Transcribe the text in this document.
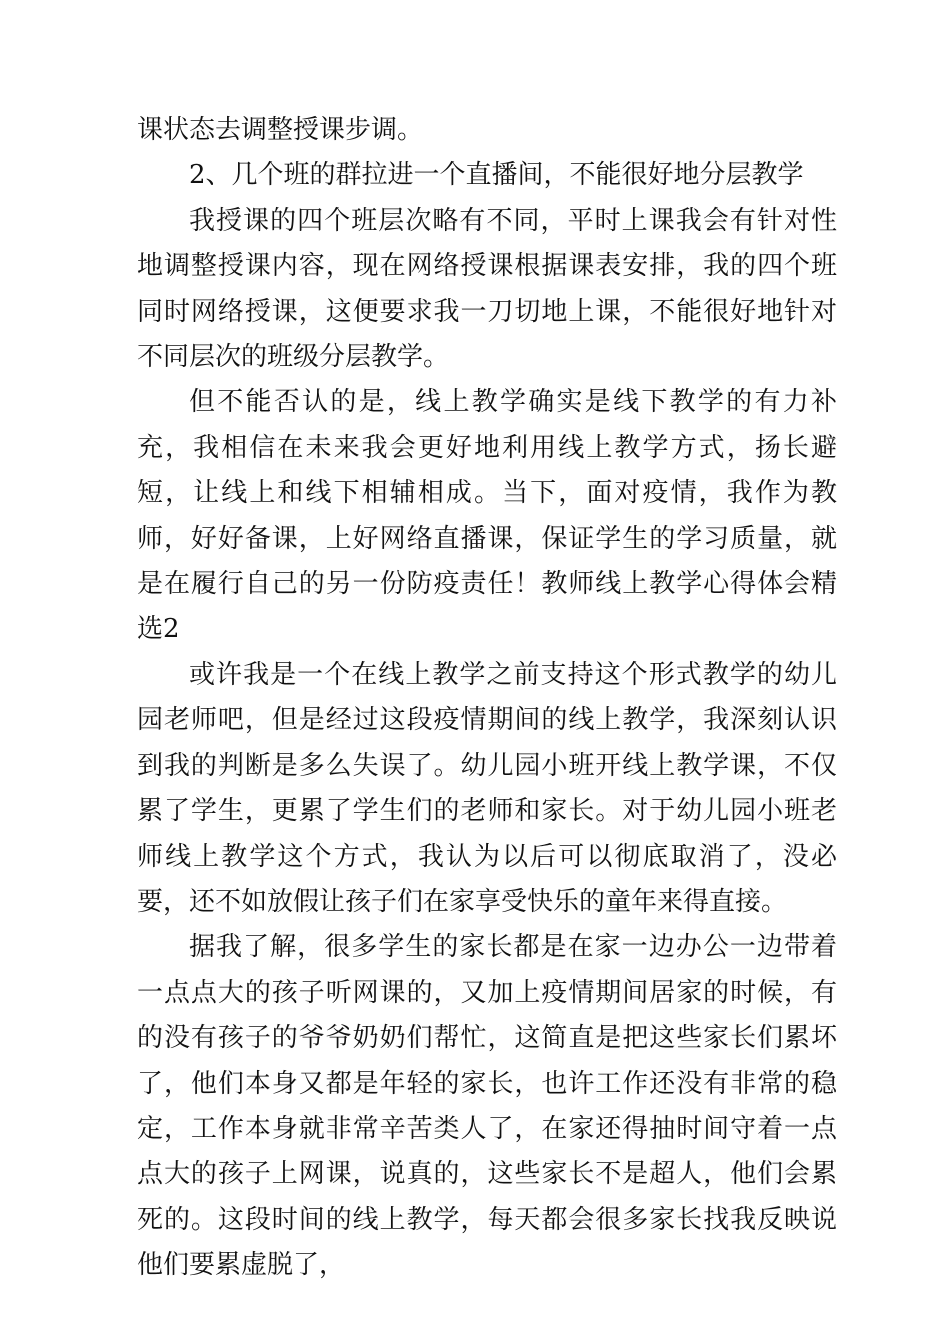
课状态去调整授课步调。

2、几个班的群拉进一个直播间，不能很好地分层教学

我授课的四个班层次略有不同，平时上课我会有针对性地调整授课内容，现在网络授课根据课表安排，我的四个班同时网络授课，这便要求我一刀切地上课，不能很好地针对不同层次的班级分层教学。

但不能否认的是，线上教学确实是线下教学的有力补充，我相信在未来我会更好地利用线上教学方式，扬长避短，让线上和线下相辅相成。当下，面对疫情，我作为教师，好好备课，上好网络直播课，保证学生的学习质量，就是在履行自己的另一份防疫责任！教师线上教学心得体会精选2

或许我是一个在线上教学之前支持这个形式教学的幼儿园老师吧，但是经过这段疫情期间的线上教学，我深刻认识到我的判断是多么失误了。幼儿园小班开线上教学课，不仅累了学生，更累了学生们的老师和家长。对于幼儿园小班老师线上教学这个方式，我认为以后可以彻底取消了，没必要，还不如放假让孩子们在家享受快乐的童年来得直接。

据我了解，很多学生的家长都是在家一边办公一边带着一点点大的孩子听网课的，又加上疫情期间居家的时候，有的没有孩子的爷爷奶奶们帮忙，这简直是把这些家长们累坏了，他们本身又都是年轻的家长，也许工作还没有非常的稳定，工作本身就非常辛苦类人了，在家还得抽时间守着一点点大的孩子上网课，说真的，这些家长不是超人，他们会累死的。这段时间的线上教学，每天都会很多家长找我反映说他们要累虚脱了，
